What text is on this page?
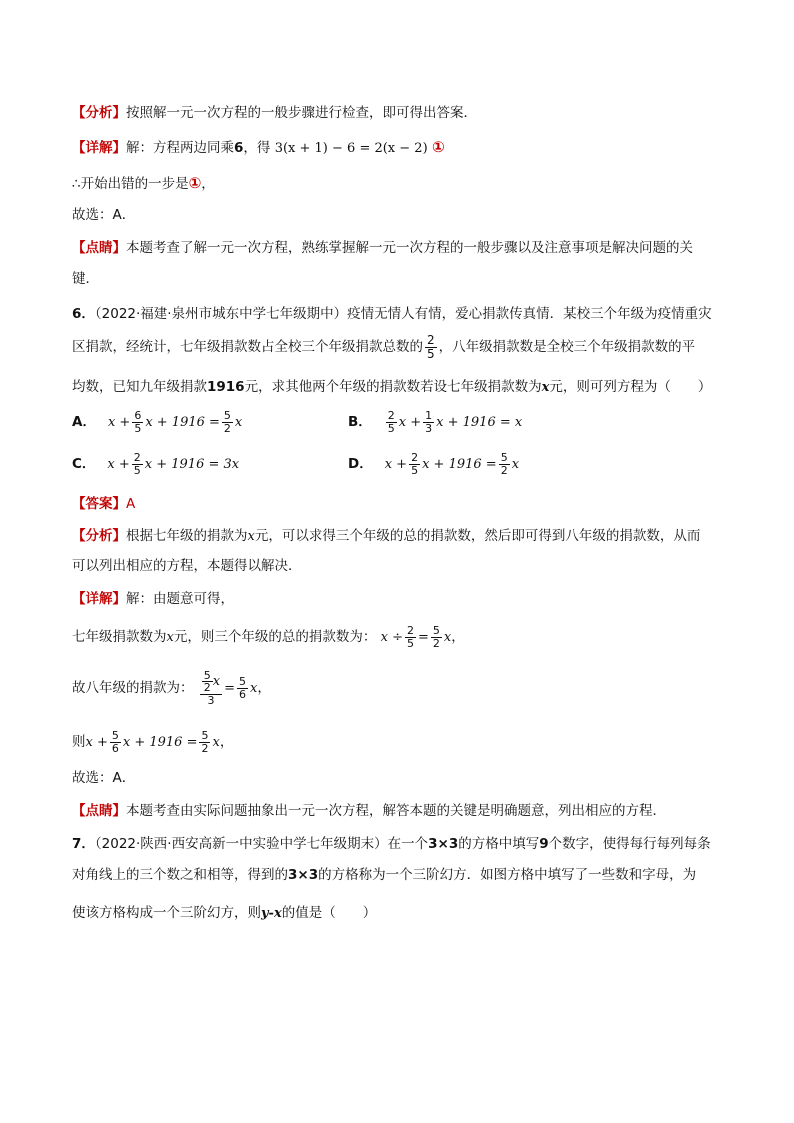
【分析】按照解一元一次方程的一般步骤进行检查，即可得出答案．
【详解】解：方程两边同乘6，得 3(x + 1) − 6 = 2(x − 2) ①
∴开始出错的一步是①，
故选：A．
【点睛】本题考查了解一元一次方程，熟练掌握解一元一次方程的一般步骤以及注意事项是解决问题的关
键．
6．（2022·福建·泉州市城东中学七年级期中）疫情无情人有情，爱心捐款传真情．某校三个年级为疫情重灾
区捐款，经统计，七年级捐款数占全校三个年级捐款总数的 $\frac{2}{5}$ ，八年级捐款数是全校三个年级捐款数的平
均数，已知九年级捐款1916元，求其他两个年级的捐款数若设七年级捐款数为x元，则可列方程为（　　）
A． $x + \frac{6}{5}$ $x + 1916 = \frac{5}{2}$ x	B． $\frac{2}{5}$ $x + \frac{1}{3}$ x + 1916 = x
C． $x + \frac{2}{5}$ x + 1916 = 3x	D． $x + \frac{2}{5}$ $x + 1916 = \frac{5}{2}$ x
【答案】A
【分析】根据七年级的捐款为x元，可以求得三个年级的总的捐款数，然后即可得到八年级的捐款数，从而
可以列出相应的方程，本题得以解决．
【详解】解：由题意可得，
七年级捐款数为x元，则三个年级的总的捐款数为： $x \div \frac{2}{5} = \frac{5}{2}$ x，
故八年级的捐款为： $\frac{\frac{5}{2} x}{3} = \frac{5}{6}$ x，
则$x + \frac{5}{6}$ $x + 1916 = \frac{5}{2}$ x，
故选：A．
【点睛】本题考查由实际问题抽象出一元一次方程，解答本题的关键是明确题意，列出相应的方程．
7．（2022·陕西·西安高新一中实验中学七年级期末）在一个3×3的方格中填写9个数字，使得每行每列每条
对角线上的三个数之和相等，得到的3×3的方格称为一个三阶幻方．如图方格中填写了一些数和字母，为
使该方格构成一个三阶幻方，则y-x的值是（　　）
